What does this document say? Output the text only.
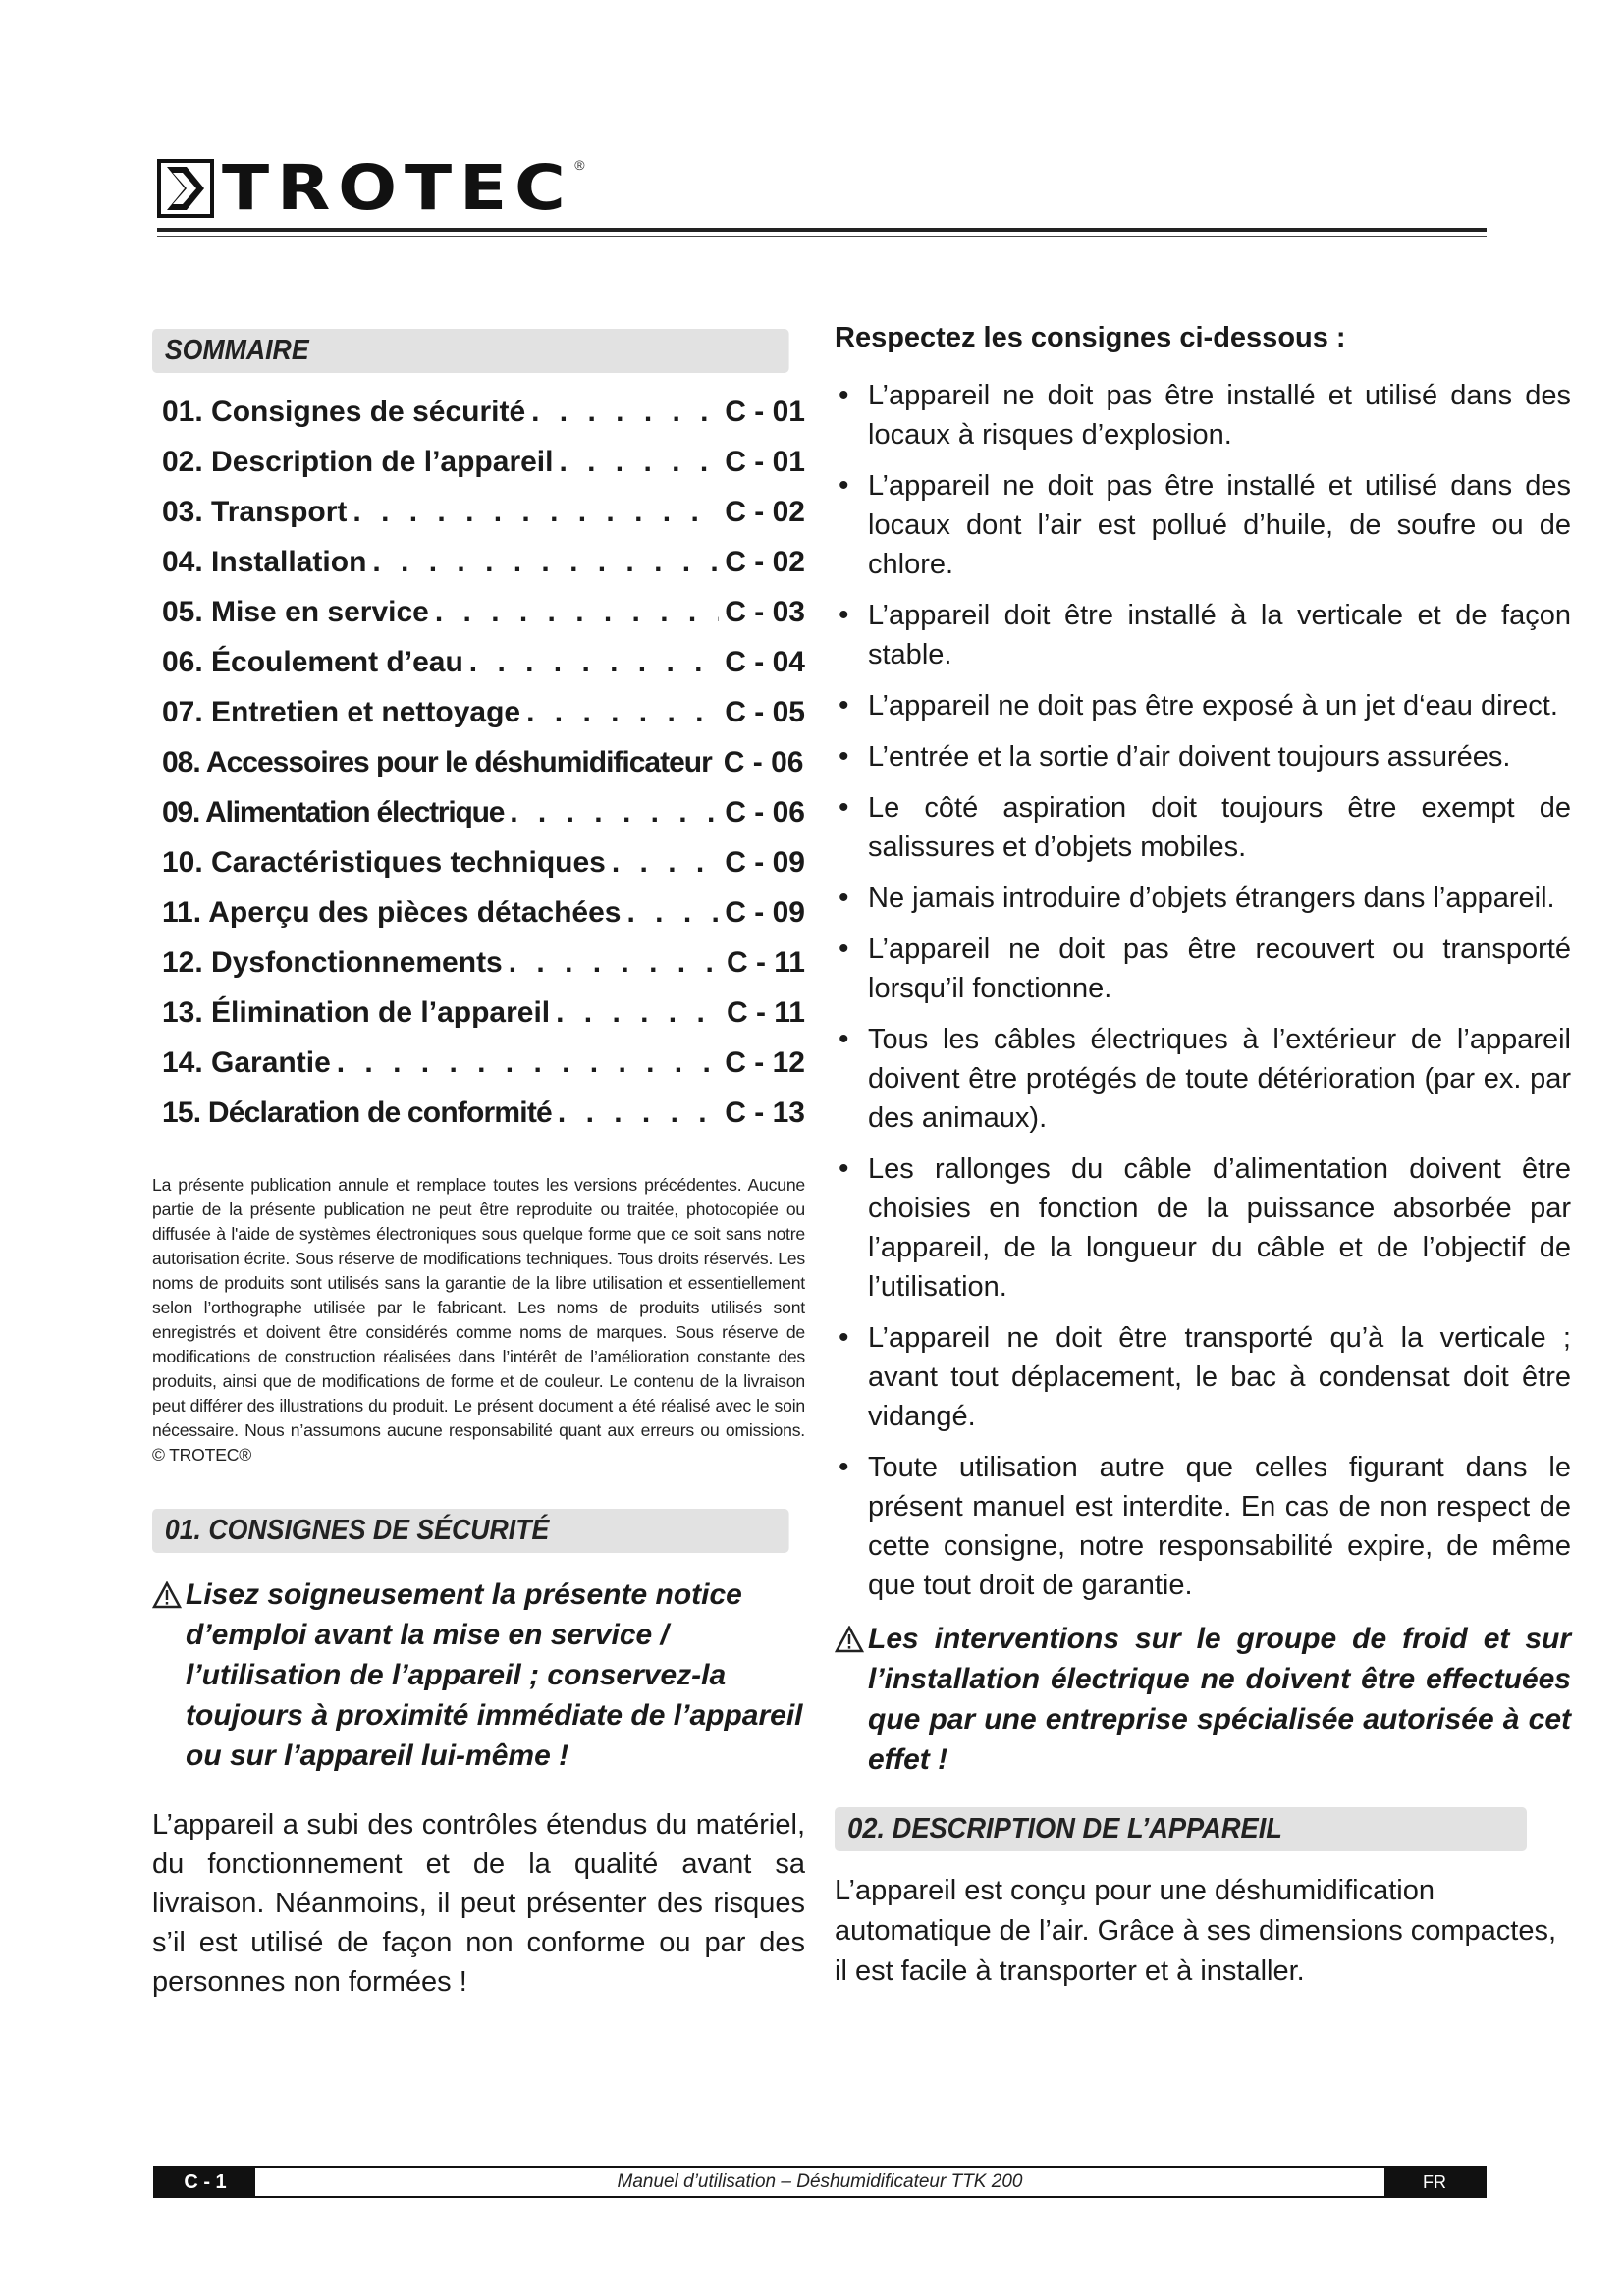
TROTEC ®
SOMMAIRE
01. Consignes de sécurité . . .	C - 01
02. Description de l’appareil . . .	C - 01
03. Transport . . .	C - 02
04. Installation . . .	C - 02
05. Mise en service . . .	C - 03
06. Écoulement d’eau . . .	C - 04
07. Entretien et nettoyage . . .	C - 05
08. Accessoires pour le déshumidificateur C - 06
09. Alimentation électrique . . .	C - 06
10. Caractéristiques techniques . . .	C - 09
11. Aperçu des pièces détachées . . .	C - 09
12. Dysfonctionnements . . .	C - 11
13. Élimination de l’appareil . . .	C - 11
14. Garantie . . .	C - 12
15. Déclaration de conformité . . .	C - 13

La présente publication annule et remplace toutes les versions précédentes. Aucune partie de la présente publication ne peut être reproduite ou traitée, photocopiée ou diffusée à l'aide de systèmes électroniques sous quelque forme que ce soit sans notre autorisation écrite. Sous réserve de modifications techniques. Tous droits réservés. Les noms de produits sont utilisés sans la garantie de la libre utilisation et essentiellement selon l’orthographe utilisée par le fabricant. Les noms de produits utilisés sont enregistrés et doivent être considérés comme noms de marques. Sous réserve de modifications de construction réalisées dans l’intérêt de l’amélioration constante des produits, ainsi que de modifications de forme et de couleur. Le contenu de la livraison peut différer des illustrations du produit. Le présent document a été réalisé avec le soin nécessaire. Nous n’assumons aucune responsabilité quant aux erreurs ou omissions. © TROTEC®

01. CONSIGNES DE SÉCURITÉ

Lisez soigneusement la présente notice d’emploi avant la mise en service / l’utilisation de l’appareil ; conservez-la toujours à proximité immédiate de l’appareil ou sur l’appareil lui-même !

L’appareil a subi des contrôles étendus du matériel, du fonctionnement et de la qualité avant sa livraison. Néanmoins, il peut présenter des risques s’il est utilisé de façon non conforme ou par des personnes non formées !

Respectez les consignes ci-dessous :

• L’appareil ne doit pas être installé et utilisé dans des locaux à risques d’explosion.
• L’appareil ne doit pas être installé et utilisé dans des locaux dont l’air est pollué d’huile, de soufre ou de chlore.
• L’appareil doit être installé à la verticale et de façon stable.
• L’appareil ne doit pas être exposé à un jet d‘eau direct.
• L’entrée et la sortie d’air doivent toujours assurées.
• Le côté aspiration doit toujours être exempt de salissures et d’objets mobiles.
• Ne jamais introduire d’objets étrangers dans l’appareil.
• L’appareil ne doit pas être recouvert ou transporté lorsqu’il fonctionne.
• Tous les câbles électriques à l’extérieur de l’appareil doivent être protégés de toute détérioration (par ex. par des animaux).
• Les rallonges du câble d’alimentation doivent être choisies en fonction de la puissance absorbée par l’appareil, de la longueur du câble et de l’objectif de l’utilisation.
• L’appareil ne doit être transporté qu’à la verticale ; avant tout déplacement, le bac à condensat doit être vidangé.
• Toute utilisation autre que celles figurant dans le présent manuel est interdite. En cas de non respect de cette consigne, notre responsabilité expire, de même que tout droit de garantie.

Les interventions sur le groupe de froid et sur l’installation électrique ne doivent être effectuées que par une entreprise spécialisée autorisée à cet effet !

02. DESCRIPTION DE L’APPAREIL

L’appareil est conçu pour une déshumidification automatique de l’air. Grâce à ses dimensions compactes, il est facile à transporter et à installer.

C - 1	Manuel d’utilisation – Déshumidificateur TTK 200	FR
